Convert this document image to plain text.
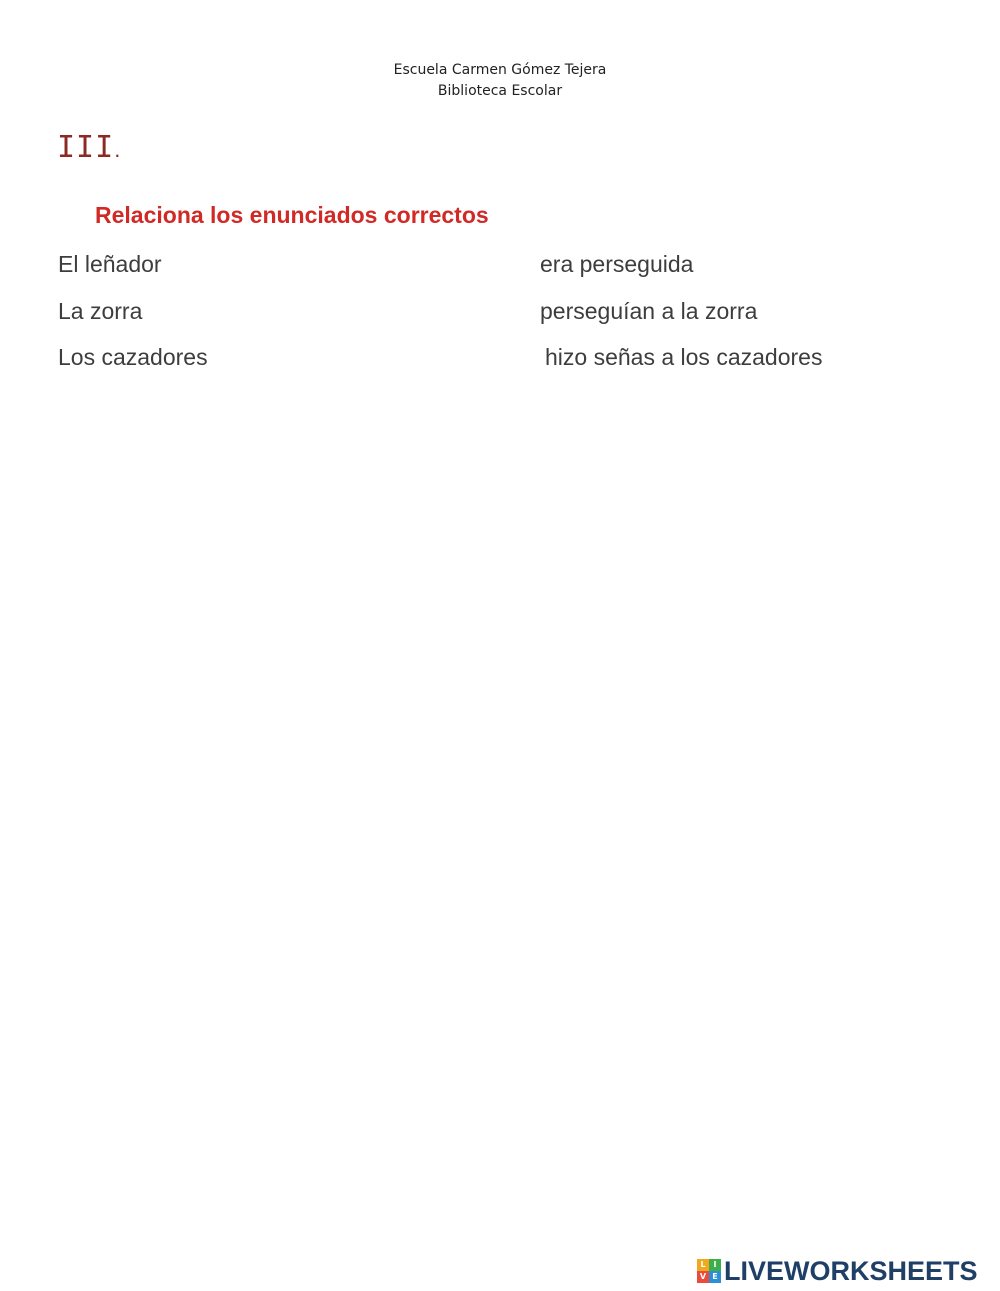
Escuela Carmen Gómez Tejera
Biblioteca Escolar
III.
Relaciona los enunciados correctos
El leñador	era perseguida
La zorra	perseguían a la zorra
Los cazadores	hizo señas a los cazadores
L I
V E LIVEWORKSHEETS
